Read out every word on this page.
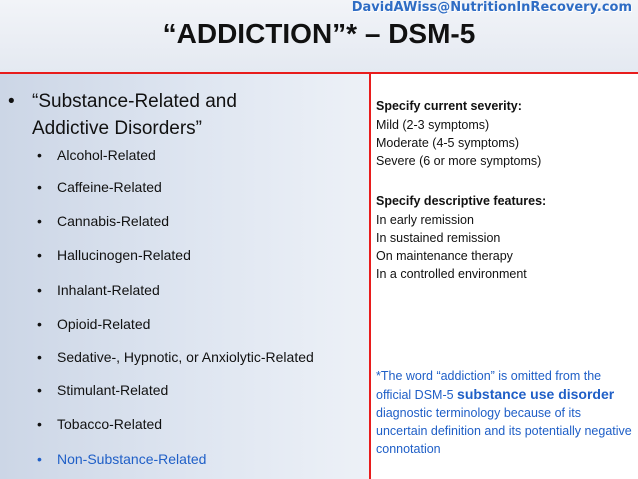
DavidAWiss@NutritionInRecovery.com
“ADDICTION”* – DSM-5
• “Substance-Related and
Addictive Disorders”
• Alcohol-Related
• Caffeine-Related
• Cannabis-Related
• Hallucinogen-Related
• Inhalant-Related
• Opioid-Related
• Sedative-, Hypnotic, or Anxiolytic-Related
• Stimulant-Related
• Tobacco-Related
• Non-Substance-Related
Specify current severity:
Mild (2-3 symptoms)
Moderate (4-5 symptoms)
Severe (6 or more symptoms)
Specify descriptive features:
In early remission
In sustained remission
On maintenance therapy
In a controlled environment
*The word “addiction” is omitted from the official DSM-5 substance use disorder diagnostic terminology because of its uncertain definition and its potentially negative connotation
